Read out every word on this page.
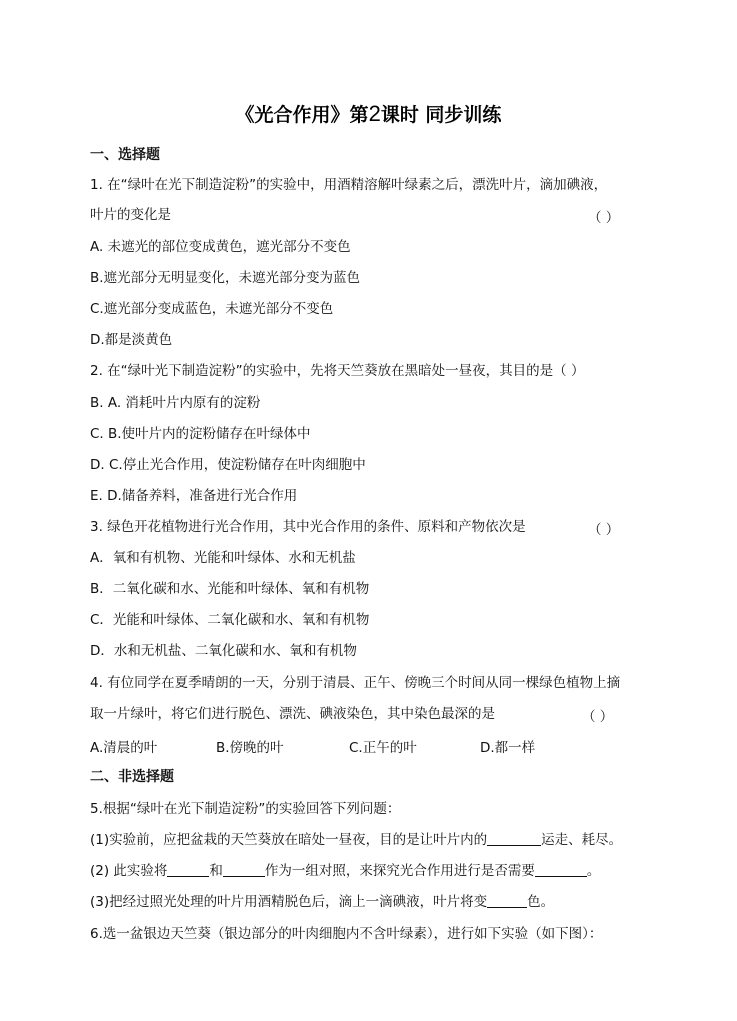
《光合作用》第2课时 同步训练
一、选择题
1. 在“绿叶在光下制造淀粉”的实验中，用酒精溶解叶绿素之后，漂洗叶片，滴加碘液，
叶片的变化是	（ ）
A. 未遮光的部位变成黄色，遮光部分不变色
B.遮光部分无明显变化，未遮光部分变为蓝色
C.遮光部分变成蓝色，未遮光部分不变色
D.都是淡黄色
2. 在“绿叶光下制造淀粉”的实验中，先将天竺葵放在黑暗处一昼夜，其目的是（ ）
B. A. 消耗叶片内原有的淀粉
C. B.使叶片内的淀粉储存在叶绿体中
D. C.停止光合作用，使淀粉储存在叶肉细胞中
E. D.储备养料，准备进行光合作用
3. 绿色开花植物进行光合作用，其中光合作用的条件、原料和产物依次是	（ ）
A．氧和有机物、光能和叶绿体、水和无机盐
B．二氧化碳和水、光能和叶绿体、氧和有机物
C．光能和叶绿体、二氧化碳和水、氧和有机物
D．水和无机盐、二氧化碳和水、氧和有机物
4. 有位同学在夏季晴朗的一天，分别于清晨、正午、傍晚三个时间从同一棵绿色植物上摘
取一片绿叶，将它们进行脱色、漂洗、碘液染色，其中染色最深的是	（ ）
A.清晨的叶	B.傍晚的叶	C.正午的叶	D.都一样
二、非选择题
5.根据“绿叶在光下制造淀粉”的实验回答下列问题：
(1)实验前，应把盆栽的天竺葵放在暗处一昼夜，目的是让叶片内的	运走、耗尽。
(2) 此实验将	和	作为一组对照，来探究光合作用进行是否需要	。
(3)把经过照光处理的叶片用酒精脱色后，滴上一滴碘液，叶片将变	色。
6.选一盆银边天竺葵（银边部分的叶肉细胞内不含叶绿素），进行如下实验（如下图）：
